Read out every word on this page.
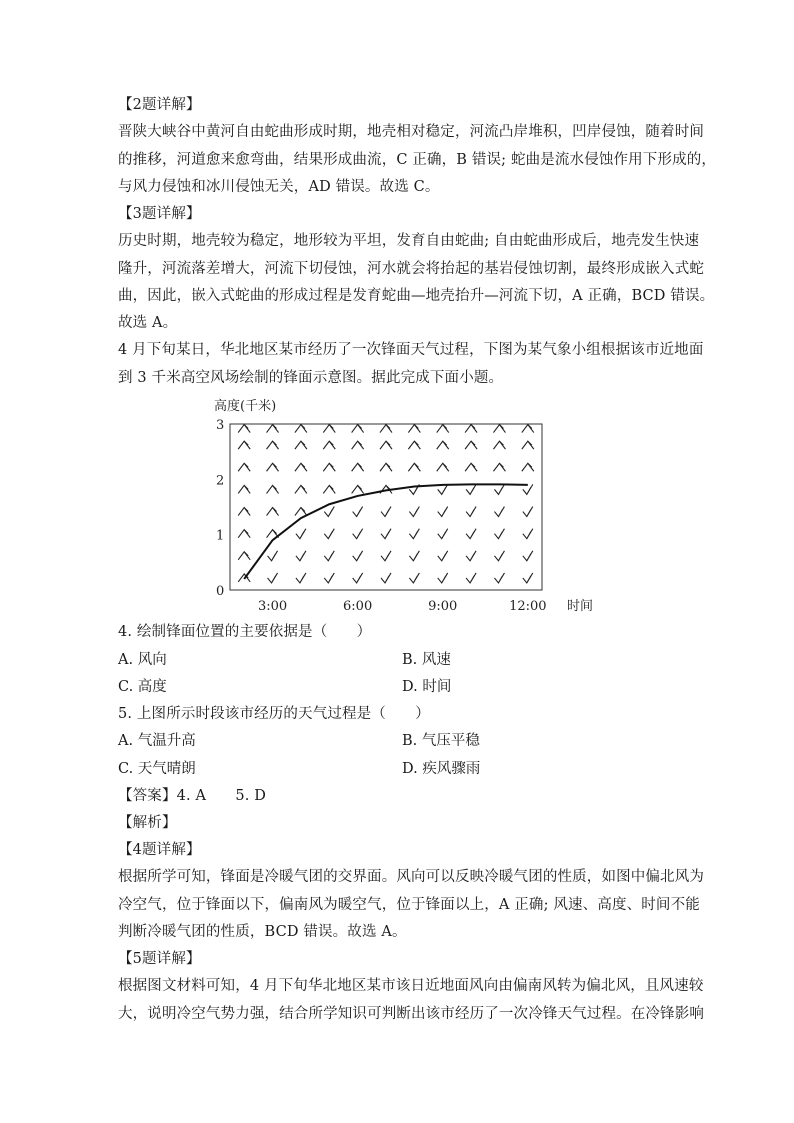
【2题详解】
晋陕大峡谷中黄河自由蛇曲形成时期，地壳相对稳定，河流凸岸堆积，凹岸侵蚀，随着时间
的推移，河道愈来愈弯曲，结果形成曲流，C 正确，B 错误; 蛇曲是流水侵蚀作用下形成的，
与风力侵蚀和冰川侵蚀无关，AD 错误。故选 C。
【3题详解】
历史时期，地壳较为稳定，地形较为平坦，发育自由蛇曲; 自由蛇曲形成后，地壳发生快速
隆升，河流落差增大，河流下切侵蚀，河水就会将抬起的基岩侵蚀切割，最终形成嵌入式蛇
曲，因此，嵌入式蛇曲的形成过程是发育蛇曲—地壳抬升—河流下切，A 正确，BCD 错误。
故选 A。
4 月下旬某日，华北地区某市经历了一次锋面天气过程，下图为某气象小组根据该市近地面
到 3 千米高空风场绘制的锋面示意图。据此完成下面小题。
高度(千米)
0
1
2
3
3:00	6:00	9:00	12:00 时间
4. 绘制锋面位置的主要依据是（　　）
A. 风向	B. 风速
C. 高度	D. 时间
5. 上图所示时段该市经历的天气过程是（　　）
A. 气温升高	B. 气压平稳
C. 天气晴朗	D. 疾风骤雨
【答案】4. A　　5. D
【解析】
【4题详解】
根据所学可知，锋面是冷暖气团的交界面。风向可以反映冷暖气团的性质，如图中偏北风为
冷空气，位于锋面以下，偏南风为暖空气，位于锋面以上，A 正确; 风速、高度、时间不能
判断冷暖气团的性质，BCD 错误。故选 A。
【5题详解】
根据图文材料可知，4 月下旬华北地区某市该日近地面风向由偏南风转为偏北风，且风速较
大，说明冷空气势力强，结合所学知识可判断出该市经历了一次冷锋天气过程。在冷锋影响
